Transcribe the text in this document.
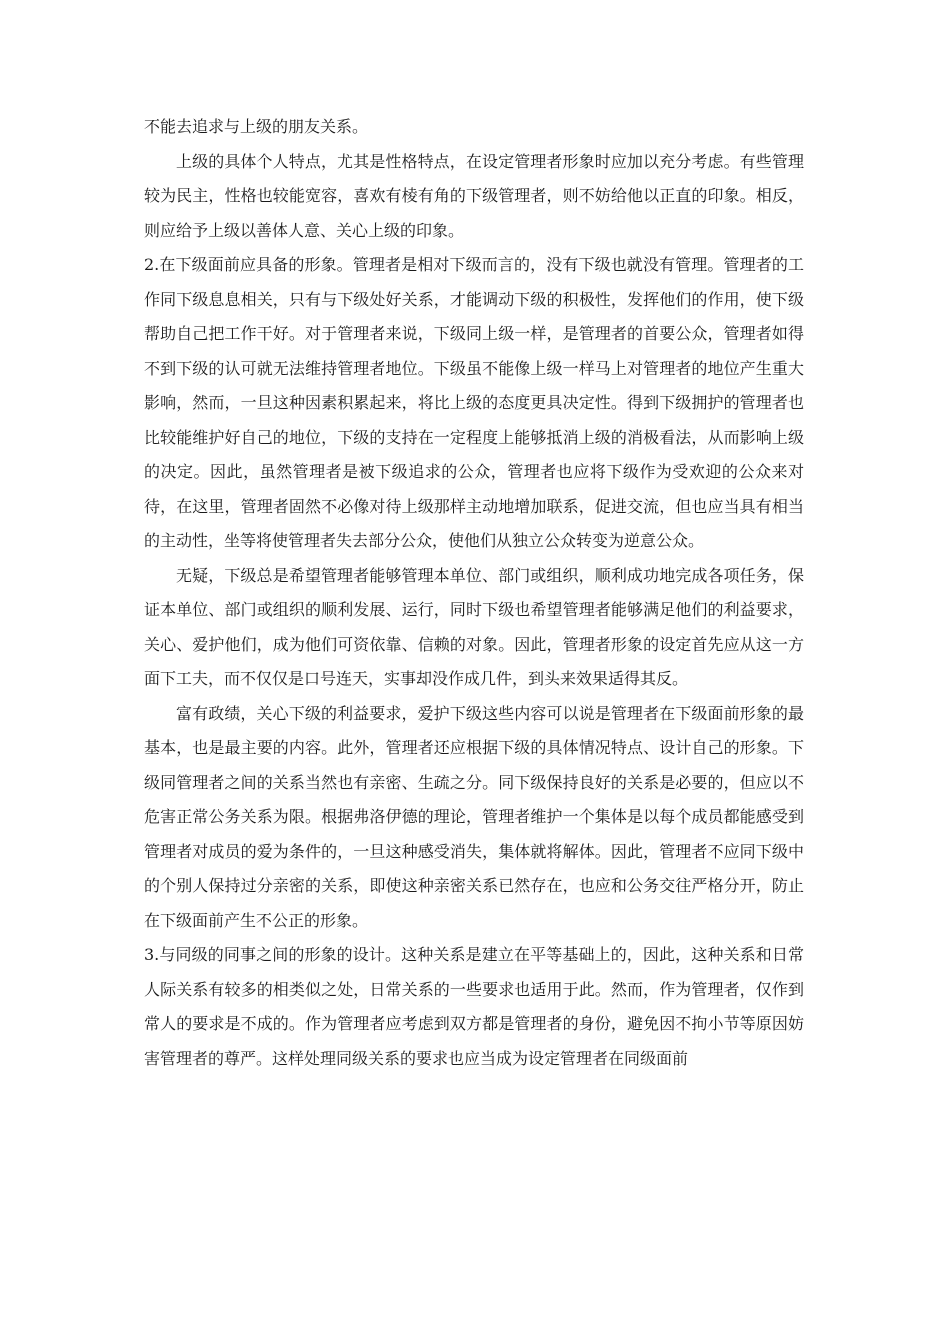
不能去追求与上级的朋友关系。

上级的具体个人特点，尤其是性格特点，在设定管理者形象时应加以充分考虑。有些管理较为民主，性格也较能宽容，喜欢有棱有角的下级管理者，则不妨给他以正直的印象。相反，则应给予上级以善体人意、关心上级的印象。

2.在下级面前应具备的形象。管理者是相对下级而言的，没有下级也就没有管理。管理者的工作同下级息息相关，只有与下级处好关系，才能调动下级的积极性，发挥他们的作用，使下级帮助自己把工作干好。对于管理者来说，下级同上级一样，是管理者的首要公众，管理者如得不到下级的认可就无法维持管理者地位。下级虽不能像上级一样马上对管理者的地位产生重大影响，然而，一旦这种因素积累起来，将比上级的态度更具决定性。得到下级拥护的管理者也比较能维护好自己的地位，下级的支持在一定程度上能够抵消上级的消极看法，从而影响上级的决定。因此，虽然管理者是被下级追求的公众，管理者也应将下级作为受欢迎的公众来对待，在这里，管理者固然不必像对待上级那样主动地增加联系，促进交流，但也应当具有相当的主动性，坐等将使管理者失去部分公众，使他们从独立公众转变为逆意公众。

无疑，下级总是希望管理者能够管理本单位、部门或组织，顺利成功地完成各项任务，保证本单位、部门或组织的顺利发展、运行，同时下级也希望管理者能够满足他们的利益要求，关心、爱护他们，成为他们可资依靠、信赖的对象。因此，管理者形象的设定首先应从这一方面下工夫，而不仅仅是口号连天，实事却没作成几件，到头来效果适得其反。

富有政绩，关心下级的利益要求，爱护下级这些内容可以说是管理者在下级面前形象的最基本，也是最主要的内容。此外，管理者还应根据下级的具体情况特点、设计自己的形象。下级同管理者之间的关系当然也有亲密、生疏之分。同下级保持良好的关系是必要的，但应以不危害正常公务关系为限。根据弗洛伊德的理论，管理者维护一个集体是以每个成员都能感受到管理者对成员的爱为条件的，一旦这种感受消失，集体就将解体。因此，管理者不应同下级中的个别人保持过分亲密的关系，即使这种亲密关系已然存在，也应和公务交往严格分开，防止在下级面前产生不公正的形象。

3.与同级的同事之间的形象的设计。这种关系是建立在平等基础上的，因此，这种关系和日常人际关系有较多的相类似之处，日常关系的一些要求也适用于此。然而，作为管理者，仅作到常人的要求是不成的。作为管理者应考虑到双方都是管理者的身份，避免因不拘小节等原因妨害管理者的尊严。这样处理同级关系的要求也应当成为设定管理者在同级面前
